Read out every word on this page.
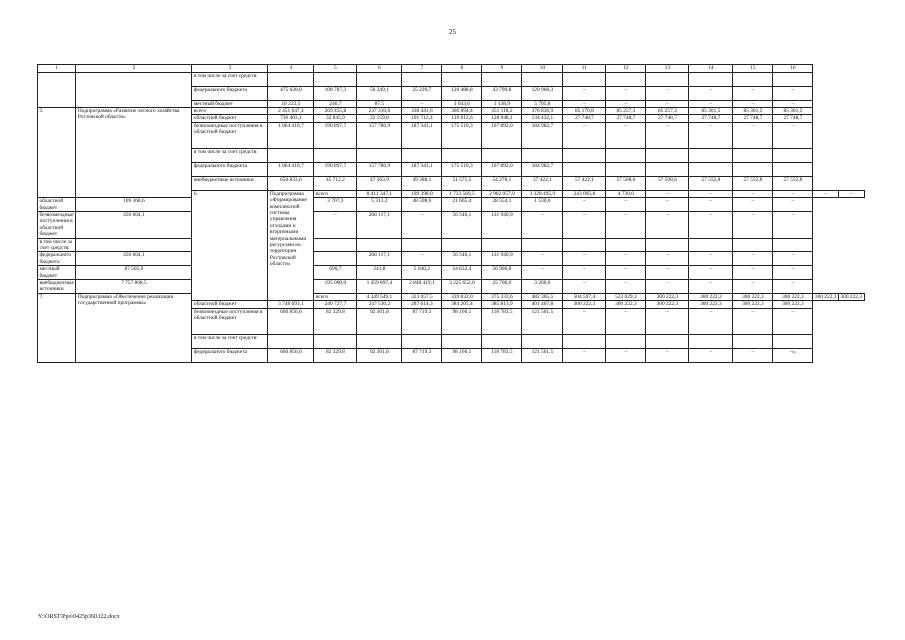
25
1	2	3	4	5	6	7	8	9	10	11	12	13	14	15	16		
		в том числе за счет средств:															
		федерального бюджета	475 620,0	108 787,3	56 349,1	25 226,7	120 488,8	43 799,8	120 968,3	–	–	–	–	–	–		
		местный бюджет	10 222,5	246,7	87,5	–	3 043,6	1 138,9	5 705,8	–	–	–	–	–	–		
5.	Подпрограмма «Развитие лесного хозяйства Ростовской области»	всего	2 451 647,4	269 455,8	237 310,6	338 441,6	366 894,4	351 118,2	376 836,9	85 170,8	85 257,3	85 257,3	85 301,5	85 301,5	85 301,5		
		областной бюджет	736 403,1	32 845,9	32 159,8	101 712,4	139 812,6	128 948,1	134 432,1	27 748,7	27 748,7	27 748,7	27 748,7	27 748,7	27 748,7		
		безвозмездные поступления в областной бюджет	1 064 410,7	190 897,7	157 786,9	187 341,1	175 510,3	167 892,0	184 982,7	–	–	–	–	–	–		
		в том числе за счет средств:															
		федерального бюджета	1 064 410,7	190 897,7	157 786,9	187 341,1	175 510,3	167 892,0	184 982,7								
		внебюджетные источники	650 833,6	45 712,2	47 363,9	49 388,1	51 571,5	54 278,1	57 422,1	57 422,1	57 508,6	57 508,6	57 552,8	57 552,8	57 552,8		
		6.	Подпрограмма «Формирование комплексной системы управления отходами и вторичными материальными ресурсами на территории Ростовской области»	всего	8 411 347,1	199 398,0	1 733 569,5	2 902 057,9	3 328 495,9	243 095,8	4 730,0	–	–	–	–	–	–
областной бюджет	109 368,6			3 707,3	5 313,2	48 598,6	21 665,4	28 554,1	1 530,0	–	–	–	–	–	–		
безвозмездные поступления в областной бюджет	456 604,1			–	268 117,1	–	56 546,1	131 940,9	–	–	–	–	–	–	–		
в том числе за счет средств:																	
федерального бюджета	456 604,1				268 117,1	–	56 546,1	131 940,9	–	–	–	–	–	–	–		
местный бюджет	87 505,9			690,7	241,8	5 040,2	24 632,4	56 900,8	–	–	–	–	–	–	–		
внебюджетные источники	7 757 868,5			195 000,0	1 459 897,4	2 848 419,1	3 225 652,0	25 700,0	3 200,0	–	–	–	–	–	–		
7.	Подпрограмма «Обеспечение реализации государственной программы»			всего	4 349 549,1	323 057,5	339 832,0	375 333,6	482 365,5	504 597,4	523 029,3	300 222,3	300 222,3	300 222,3	300 222,3	300 222,3	300 222,3
		областной бюджет	3 748 693,1	240 727,7	247 530,2	287 614,3	384 205,4	385 813,9	401 467,8	300 222,3	300 222,3	300 222,3	300 222,3	300 222,3	300 222,3		
		безвозмездные поступления в областной бюджет	600 856,0	82 329,8	92 301,8	87 719,3	98 160,1	118 783,5	121 561,5	–	–	–	–	–	–		
		в том числе за счет средств:															
		федерального бюджета	600 856,0	82 329,8	92 301,8	87 719,3	98 160,1	118 783,5	121 561,5	–	–	–	–	–	–»;		
Y:\ORST\Ppo\0425p360.f22.docx
